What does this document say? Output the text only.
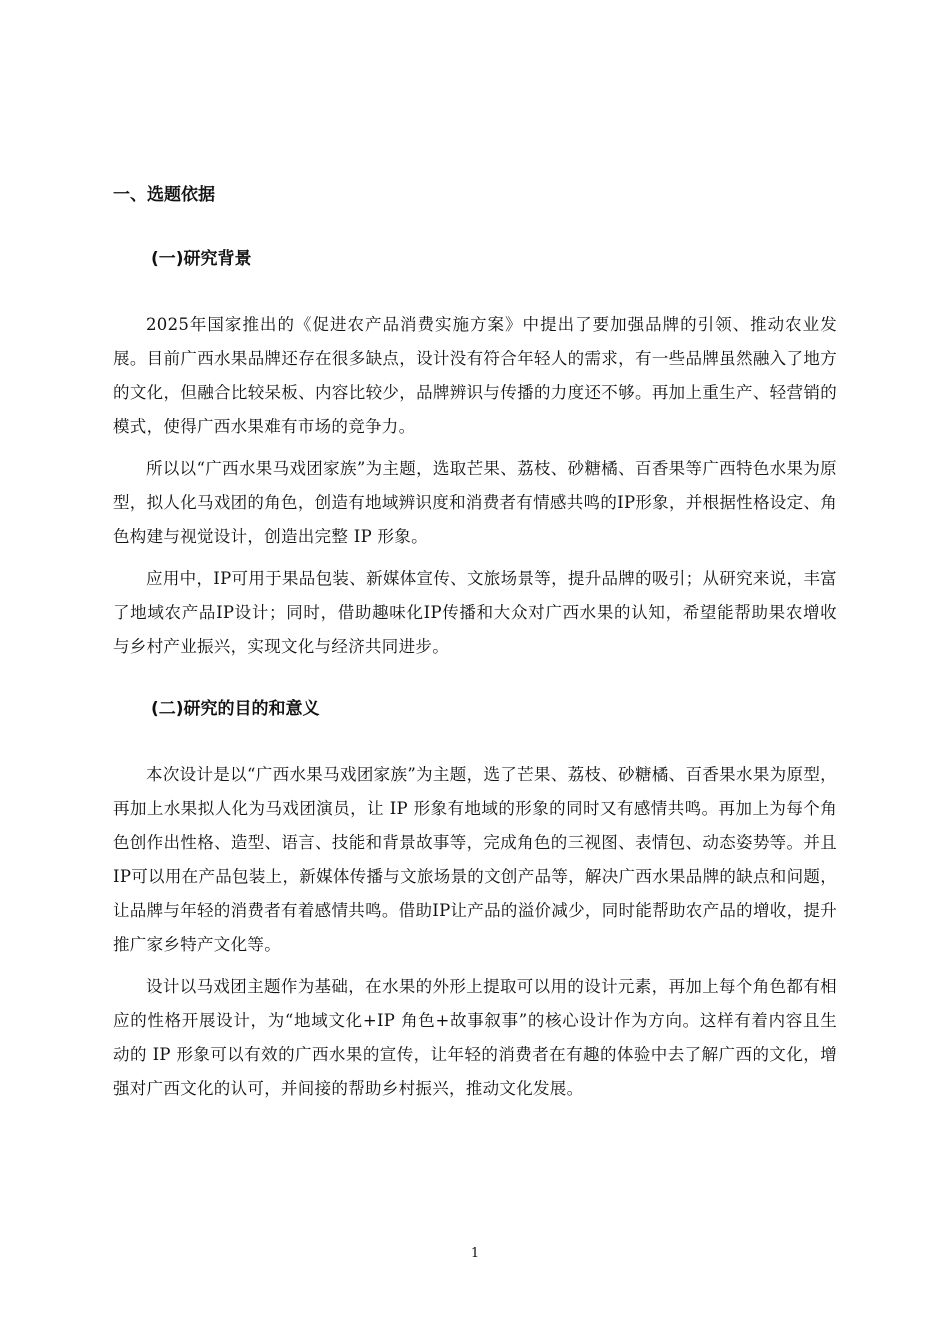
一、选题依据
(一)研究背景

2025年国家推出的《促进农产品消费实施方案》中提出了要加强品牌的引领、推动农业发展。目前广西水果品牌还存在很多缺点，设计没有符合年轻人的需求，有一些品牌虽然融入了地方的文化，但融合比较呆板、内容比较少，品牌辨识与传播的力度还不够。再加上重生产、轻营销的模式，使得广西水果难有市场的竞争力。

所以以“广西水果马戏团家族”为主题，选取芒果、荔枝、砂糖橘、百香果等广西特色水果为原型，拟人化马戏团的角色，创造有地域辨识度和消费者有情感共鸣的IP形象，并根据性格设定、角色构建与视觉设计，创造出完整 IP 形象。

应用中，IP可用于果品包装、新媒体宣传、文旅场景等，提升品牌的吸引；从研究来说，丰富了地域农产品IP设计；同时，借助趣味化IP传播和大众对广西水果的认知，希望能帮助果农增收与乡村产业振兴，实现文化与经济共同进步。

(二)研究的目的和意义

本次设计是以“广西水果马戏团家族”为主题，选了芒果、荔枝、砂糖橘、百香果水果为原型，再加上水果拟人化为马戏团演员，让 IP 形象有地域的形象的同时又有感情共鸣。再加上为每个角色创作出性格、造型、语言、技能和背景故事等，完成角色的三视图、表情包、动态姿势等。并且IP可以用在产品包装上，新媒体传播与文旅场景的文创产品等，解决广西水果品牌的缺点和问题，让品牌与年轻的消费者有着感情共鸣。借助IP让产品的溢价减少，同时能帮助农产品的增收，提升推广家乡特产文化等。

设计以马戏团主题作为基础，在水果的外形上提取可以用的设计元素，再加上每个角色都有相应的性格开展设计，为“地域文化+IP 角色+故事叙事”的核心设计作为方向。这样有着内容且生动的 IP 形象可以有效的广西水果的宣传，让年轻的消费者在有趣的体验中去了解广西的文化，增强对广西文化的认可，并间接的帮助乡村振兴，推动文化发展。

1
